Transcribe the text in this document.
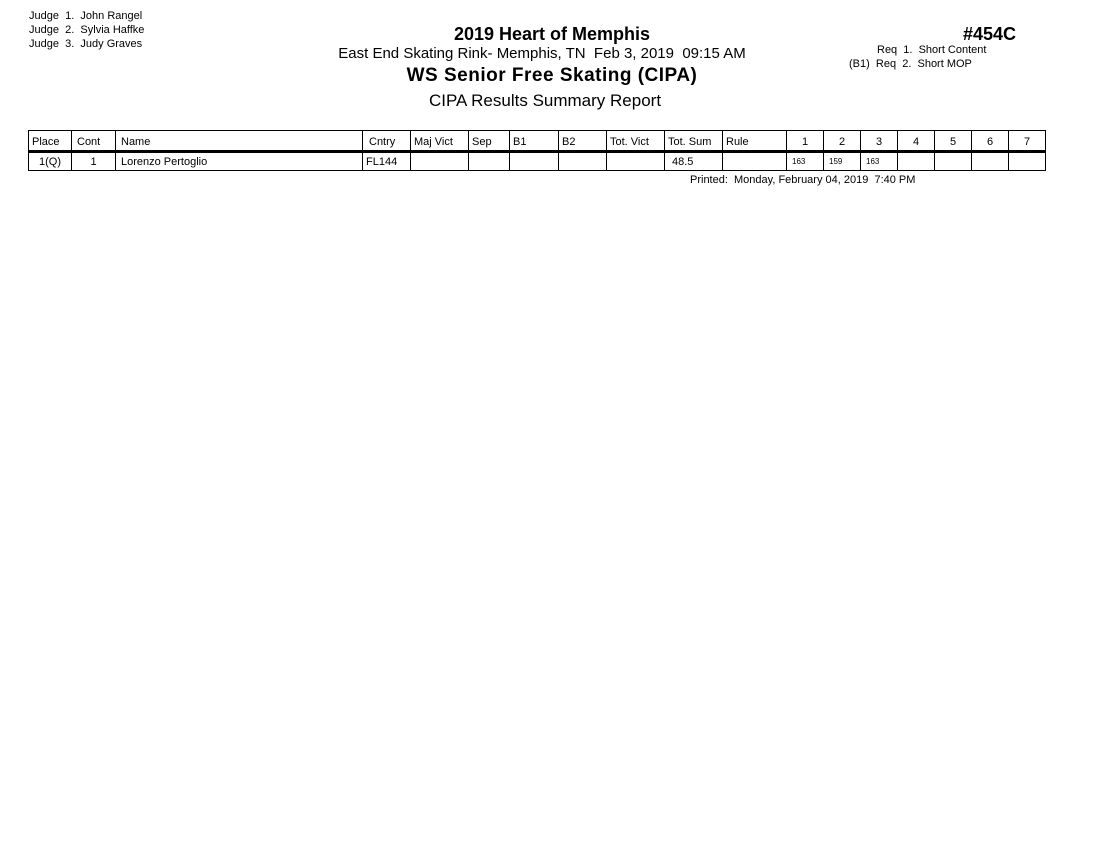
Judge 1. John Rangel
Judge 2. Sylvia Haffke
Judge 3. Judy Graves	2019 Heart of Memphis
East End Skating Rink- Memphis, TN  Feb 3, 2019  09:15 AM
WS Senior Free Skating (CIPA)
CIPA Results Summary Report
#454C
Req  1.  Short Content
(B1) Req  2.  Short MOP
Place	Cont	Name	Cntry	Maj Vict	Sep	B1	B2	Tot. Vict	Tot. Sum	Rule	1	2	3	4	5	6	7
1(Q)	1	Lorenzo Pertoglio	FL144						48.5		163	159	163				
Printed:  Monday, February 04, 2019  7:40 PM
